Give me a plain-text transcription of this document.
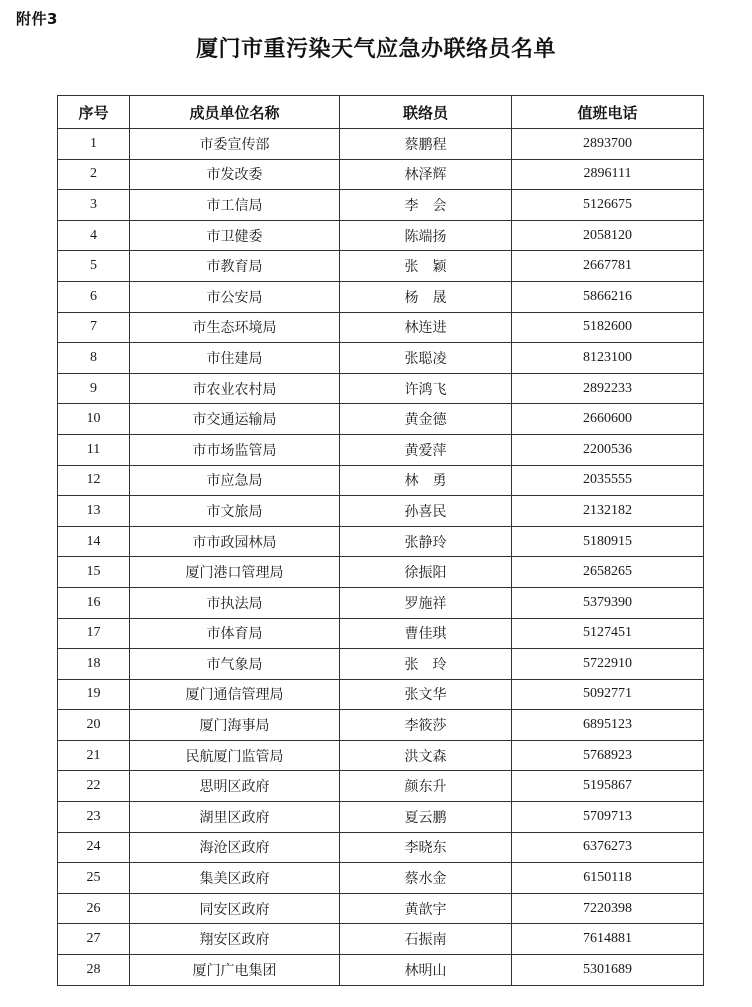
附件3
厦门市重污染天气应急办联络员名单
序号	成员单位名称	联络员	值班电话
1	市委宣传部	蔡鹏程	2893700
2	市发改委	林泽辉	2896111
3	市工信局	李　会	5126675
4	市卫健委	陈端扬	2058120
5	市教育局	张　颖	2667781
6	市公安局	杨　晟	5866216
7	市生态环境局	林连进	5182600
8	市住建局	张聪凌	8123100
9	市农业农村局	许鸿飞	2892233
10	市交通运输局	黄金德	2660600
11	市市场监管局	黄爱萍	2200536
12	市应急局	林　勇	2035555
13	市文旅局	孙喜民	2132182
14	市市政园林局	张静玲	5180915
15	厦门港口管理局	徐振阳	2658265
16	市执法局	罗施祥	5379390
17	市体育局	曹佳琪	5127451
18	市气象局	张　玲	5722910
19	厦门通信管理局	张文华	5092771
20	厦门海事局	李筱莎	6895123
21	民航厦门监管局	洪文森	5768923
22	思明区政府	颜东升	5195867
23	湖里区政府	夏云鹏	5709713
24	海沧区政府	李晓东	6376273
25	集美区政府	蔡水金	6150118
26	同安区政府	黄歆宇	7220398
27	翔安区政府	石振南	7614881
28	厦门广电集团	林明山	5301689
